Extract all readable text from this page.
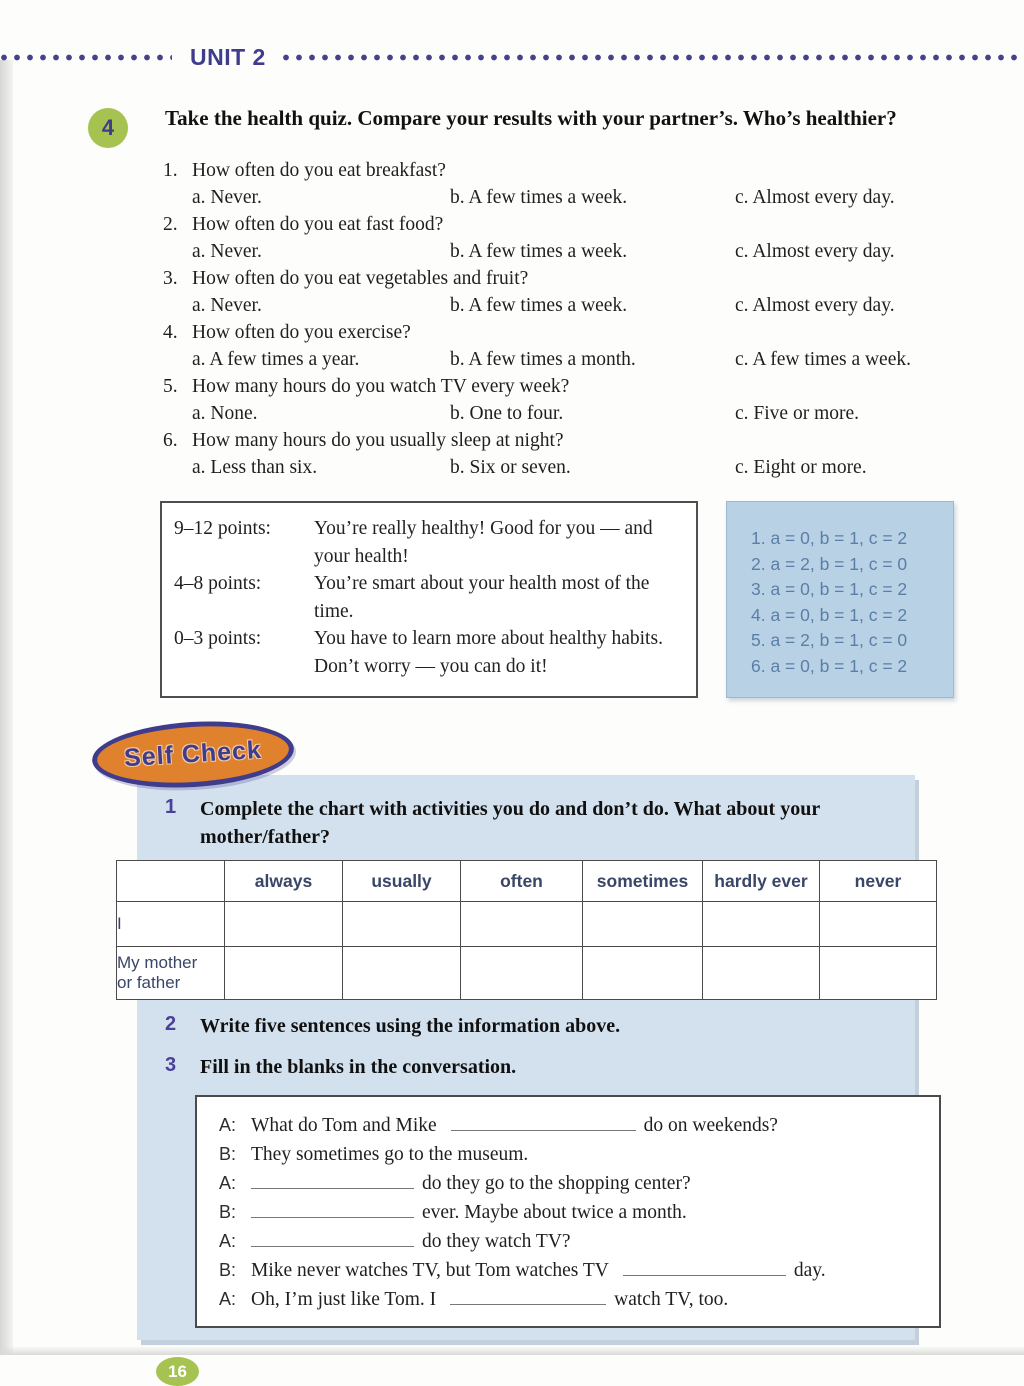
UNIT 2
4	Take the health quiz. Compare your results with your partner’s. Who’s healthier?
1. How often do you eat breakfast?
a. Never.	b. A few times a week.	c. Almost every day.
2. How often do you eat fast food?
a. Never.	b. A few times a week.	c. Almost every day.
3. How often do you eat vegetables and fruit?
a. Never.	b. A few times a week.	c. Almost every day.
4. How often do you exercise?
a. A few times a year.	b. A few times a month.	c. A few times a week.
5. How many hours do you watch TV every week?
a. None.	b. One to four.	c. Five or more.
6. How many hours do you usually sleep at night?
a. Less than six.	b. Six or seven.	c. Eight or more.
9–12 points:	You’re really healthy! Good for you — and your health!
4–8 points:	You’re smart about your health most of the time.
0–3 points:	You have to learn more about healthy habits. Don’t worry — you can do it!
1. a = 0, b = 1, c = 2
2. a = 2, b = 1, c = 0
3. a = 0, b = 1, c = 2
4. a = 0, b = 1, c = 2
5. a = 2, b = 1, c = 0
6. a = 0, b = 1, c = 2
Self Check
1	Complete the chart with activities you do and don’t do. What about your mother/father?
	always	usually	often	sometimes	hardly ever	never
I						
My mother
or father						
2	Write five sentences using the information above.
3	Fill in the blanks in the conversation.
A: What do Tom and Mike	do on weekends?
B: They sometimes go to the museum.
A:	do they go to the shopping center?
B:	ever. Maybe about twice a month.
A:	do they watch TV?
B: Mike never watches TV, but Tom watches TV	day.
A: Oh, I’m just like Tom. I	watch TV, too.
16
